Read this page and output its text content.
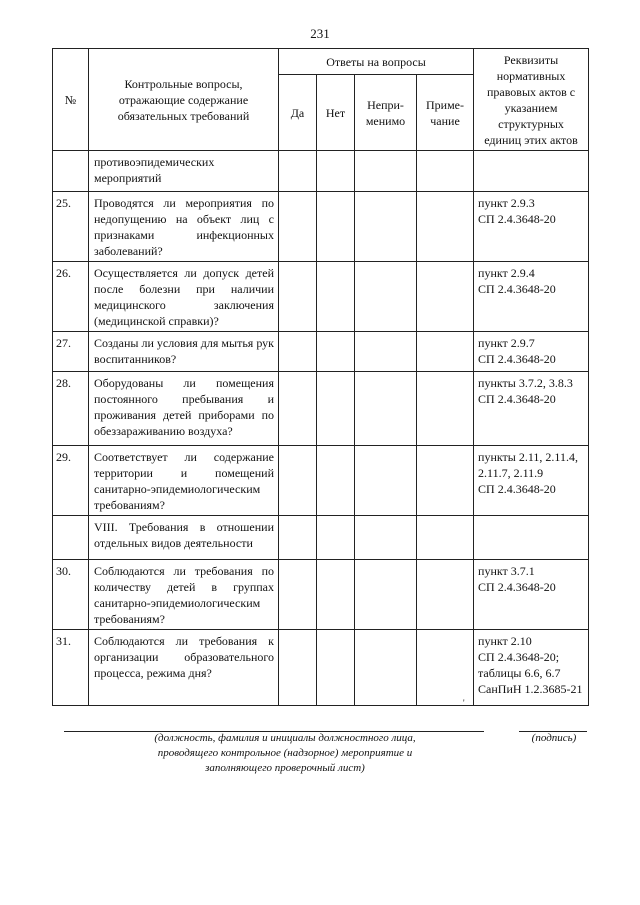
231
№	Контрольные вопросы, отражающие содержание обязательных требований	Ответы на вопросы				Реквизиты нормативных правовых актов с указанием структурных единиц этих актов
		Да	Нет	Непри-
менимо	Приме-
чание	
	противоэпидемических мероприятий					
25.	Проводятся ли мероприятия по недопущению на объект лиц с признаками инфекционных заболеваний?					пункт 2.9.3
СП 2.4.3648-20
26.	Осуществляется ли допуск детей после болезни при наличии медицинского заключения (медицинской справки)?					пункт 2.9.4
СП 2.4.3648-20
27.	Созданы ли условия для мытья рук воспитанников?					пункт 2.9.7
СП 2.4.3648-20
28.	Оборудованы ли помещения постоянного пребывания и проживания детей приборами по обеззараживанию воздуха?					пункты 3.7.2, 3.8.3
СП 2.4.3648-20
29.	Соответствует ли содержание территории и помещений санитарно-эпидемиологическим требованиям?					пункты 2.11, 2.11.4,
2.11.7, 2.11.9
СП 2.4.3648-20
	VIII. Требования в отношении отдельных видов деятельности					
30.	Соблюдаются ли требования по количеству детей в группах санитарно-эпидемиологическим требованиям?					пункт 3.7.1
СП 2.4.3648-20
31.	Соблюдаются ли требования к организации образовательного процесса, режима дня?					пункт 2.10
СП 2.4.3648-20;
таблицы 6.6, 6.7
СанПиН 1.2.3685-21
'
(должность, фамилия и инициалы должностного лица, проводящего контрольное (надзорное) мероприятие и заполняющего проверочный лист)
(подпись)
